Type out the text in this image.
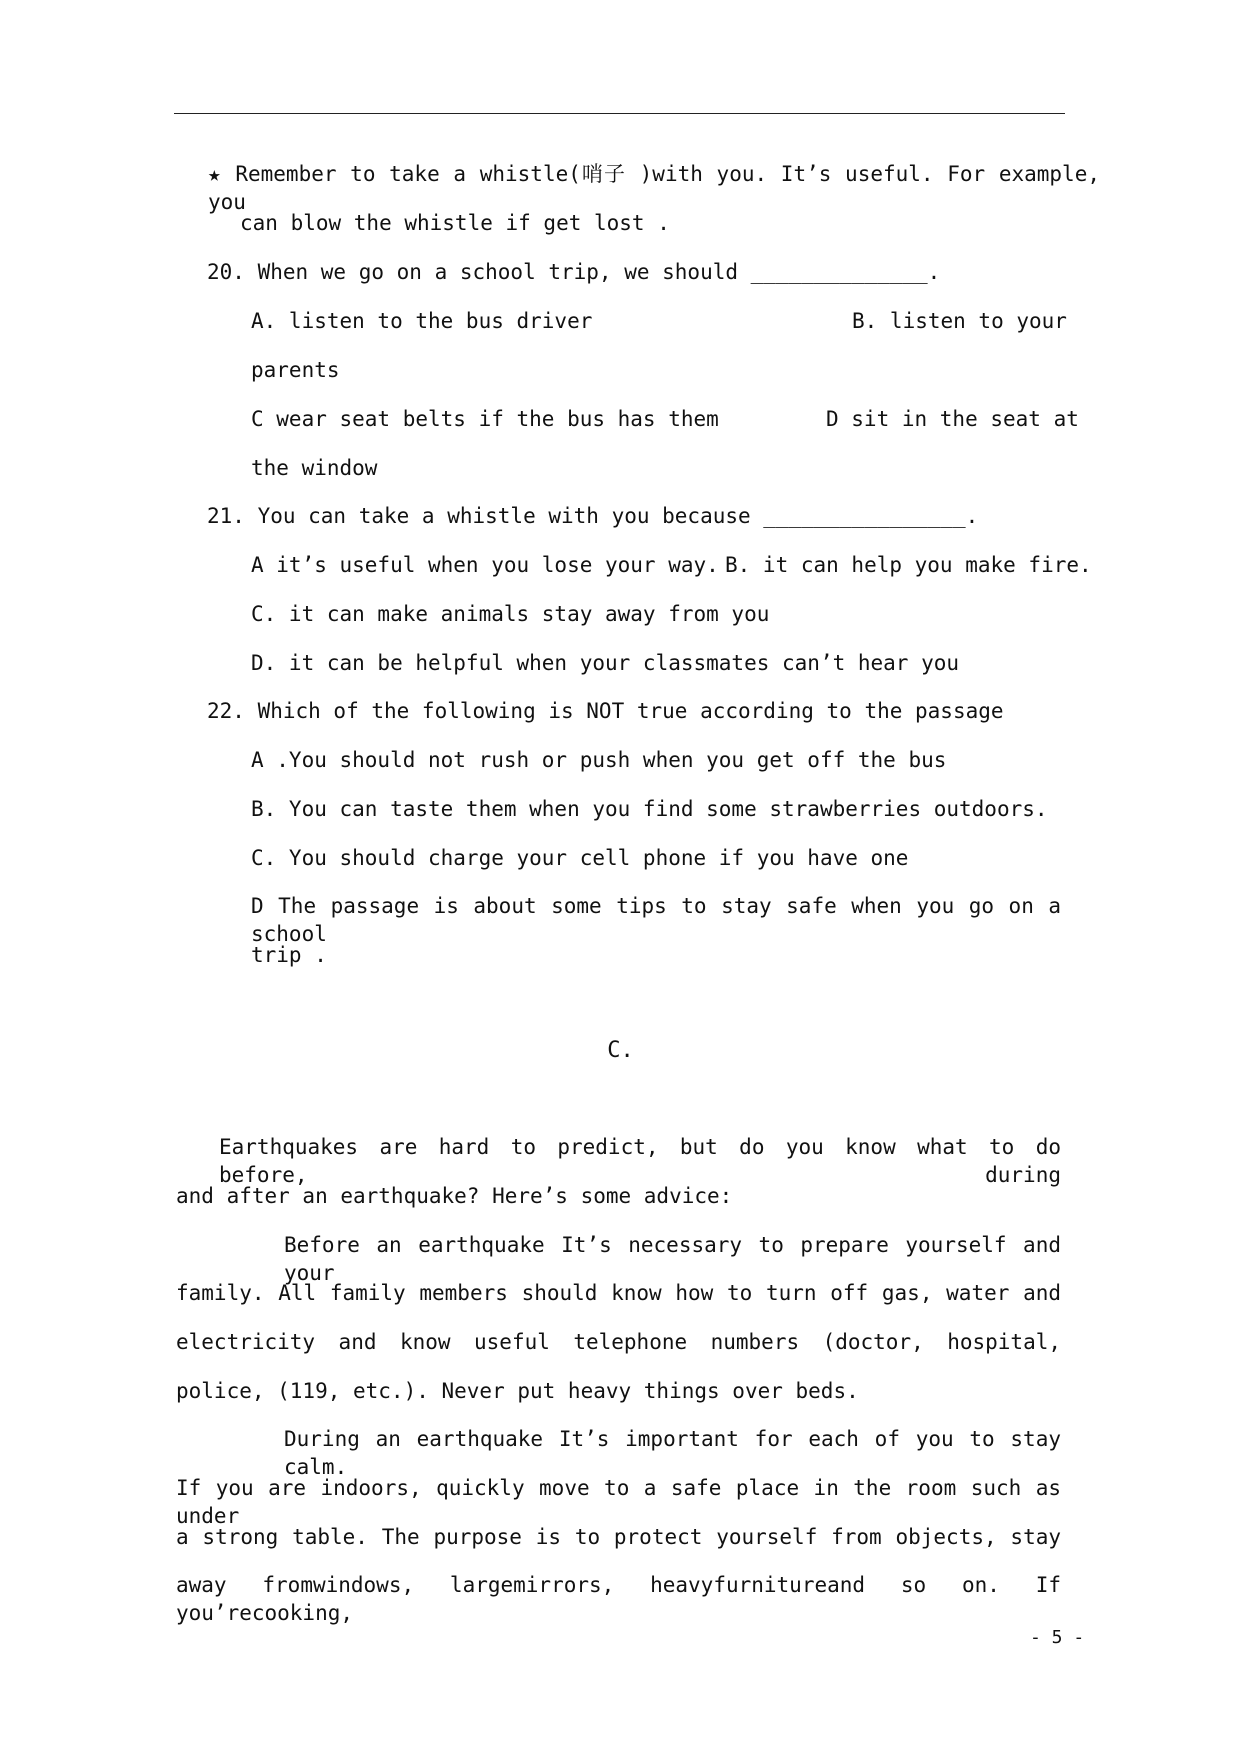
★ Remember to take a whistle(哨子 )with you. It’s useful. For example, you
can blow the whistle if get lost .
20. When we go on a school trip, we should ______________.
A. listen to the bus driver	B. listen to your
parents
C wear seat belts if the bus has them	D sit in the seat at
the window
21. You can take a whistle with you because ________________.
A it’s useful when you lose your way. B. it can help you make fire.
C. it can make animals stay away from you
D. it can be helpful when your classmates can’t hear you
22. Which of the following is NOT true according to the passage
A .You should not rush or push when you get off the bus
B. You can taste them when you find some strawberries outdoors.
C. You should charge your cell phone if you have one
D The passage is about some tips to stay safe when you go on a school
trip .
C.
Earthquakes are hard to predict, but do you know what to do before, during
and after an earthquake? Here’s some advice:
Before an earthquake It’s necessary to prepare yourself and your
family. All family members should know how to turn off gas, water and
electricity and know useful telephone numbers (doctor, hospital,
police, (119, etc.). Never put heavy things over beds.
During an earthquake It’s important for each of you to stay calm.
If you are indoors, quickly move to a safe place in the room such as under
a strong table. The purpose is to protect yourself from objects, stay
away fromwindows, largemirrors, heavyfurnitureand so on. If you’recooking,
- 5 -
